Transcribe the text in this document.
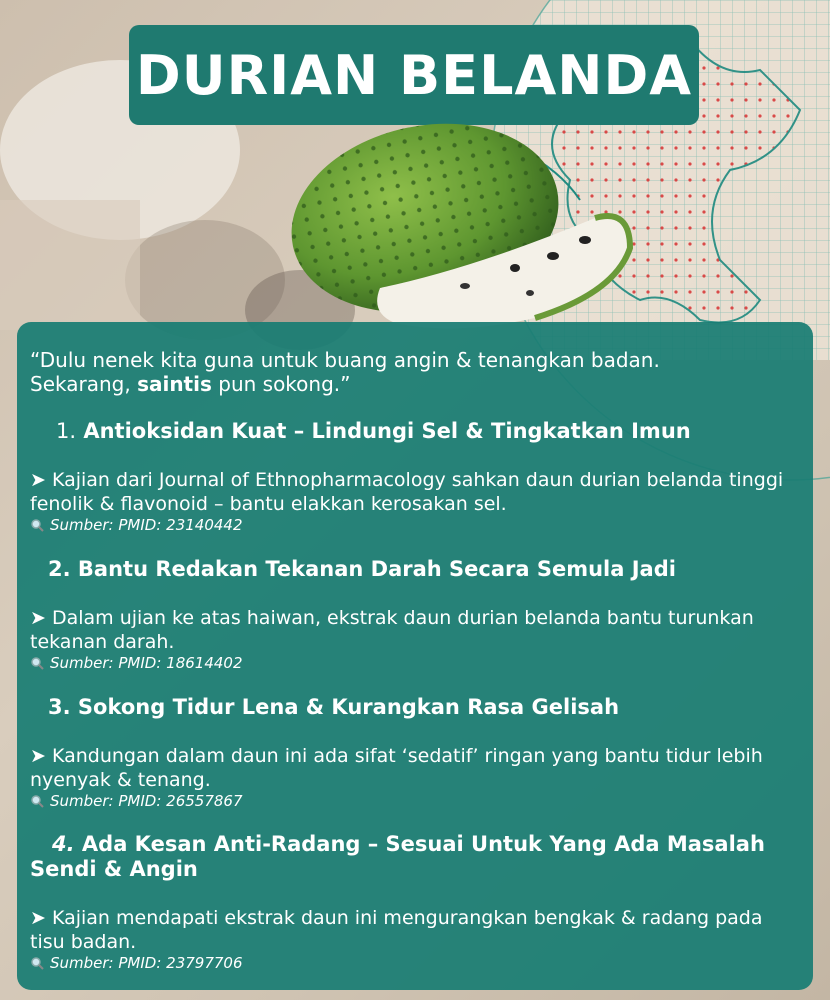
DURIAN BELANDA

“Dulu nenek kita guna untuk buang angin & tenangkan badan.
Sekarang, saintis pun sokong.”

1. Antioksidan Kuat – Lindungi Sel & Tingkatkan Imun

➤ Kajian dari Journal of Ethnopharmacology sahkan daun durian belanda tinggi fenolik & flavonoid – bantu elakkan kerosakan sel.

Sumber: PMID: 23140442

2. Bantu Redakan Tekanan Darah Secara Semula Jadi

➤ Dalam ujian ke atas haiwan, ekstrak daun durian belanda bantu turunkan tekanan darah.

Sumber: PMID: 18614402

3. Sokong Tidur Lena & Kurangkan Rasa Gelisah

➤ Kandungan dalam daun ini ada sifat ‘sedatif’ ringan yang bantu tidur lebih nyenyak & tenang.

Sumber: PMID: 26557867

4. Ada Kesan Anti-Radang – Sesuai Untuk Yang Ada Masalah Sendi & Angin

➤ Kajian mendapati ekstrak daun ini mengurangkan bengkak & radang pada tisu badan.

Sumber: PMID: 23797706
